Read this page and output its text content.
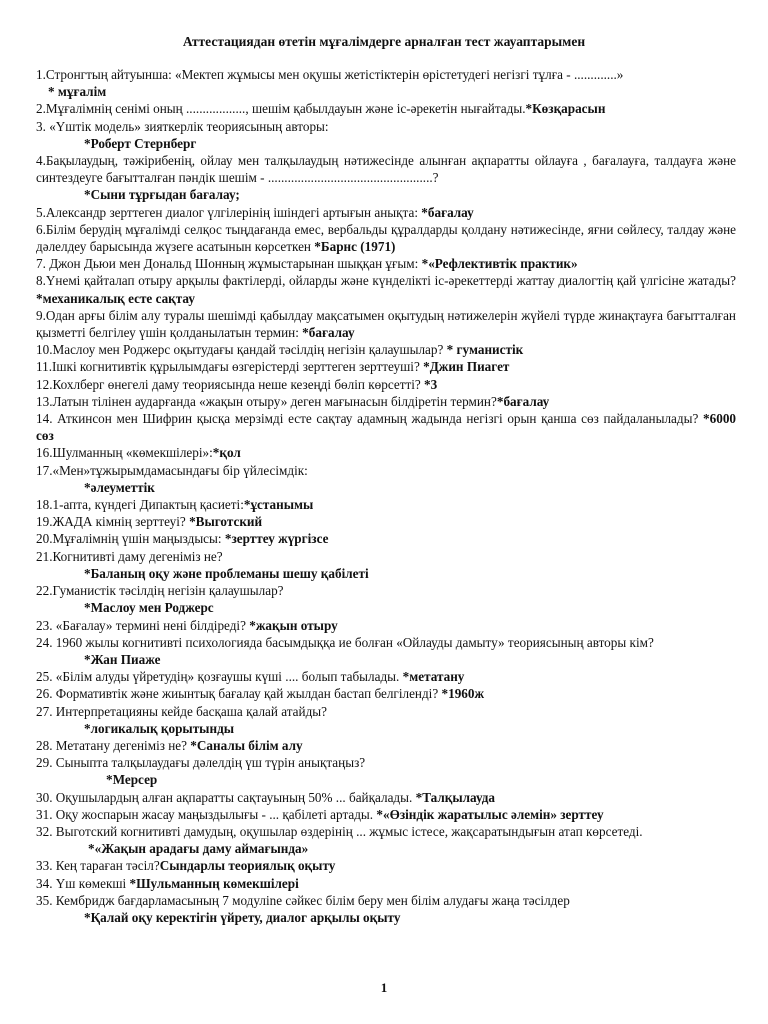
Аттестациядан өтетін мұғалімдерге арналған тест жауаптарымен

1.Стронгтың айтуынша: «Мектеп жұмысы мен оқушы жетістіктерін өрістетудегі негізгі тұлға - .............»

* мұғалім

2.Мұғалімнің сенімі оның .................., шешім қабылдауын және іс-әрекетін нығайтады.*Көзқарасын

3. «Үштік модель» зияткерлік теориясының авторы:

*Роберт Стернберг

4.Бақылаудың, тәжірибенің, ойлау мен талқылаудың нәтижесінде алынған ақпаратты ойлауға , бағалауға, талдауға және синтездеуге бағытталған пәндік шешім - ..................................................?

*Сыни тұрғыдан бағалау;

5.Александр зерттеген диалог үлгілерінің ішіндегі артығын анықта: *бағалау

6.Білім берудің мұғалімді селқос тыңдағанда емес, вербальды құралдарды қолдану нәтижесінде, яғни сөйлесу, талдау және дәлелдеу барысында жүзеге асатынын көрсеткен *Барнс (1971)

7. Джон Дьюи мен Дональд Шонның жұмыстарынан шыққан ұғым: *«Рефлективтік практик»

8.Үнемі қайталап отыру арқылы фактілерді, ойларды және күнделікті іс-әрекеттерді жаттау диалогтің қай үлгісіне жатады? *механикалық есте сақтау

9.Одан арғы білім алу туралы шешімді қабылдау мақсатымен оқытудың нәтижелерін жүйелі түрде жинақтауға бағытталған қызметті белгілеу үшін қолданылатын термин: *бағалау

10.Маслоу мен Роджерс оқытудағы қандай тәсілдің негізін қалаушылар? * гуманистік

11.Ішкі когнитивтік құрылымдағы өзгерістерді зерттеген зерттеуші? *Джин Пиагет

12.Кохлберг өнегелі даму теориясында неше кезеңді бөліп көрсетті? *3

13.Латын тілінен аударғанда «жақын отыру» деген мағынасын білдіретін термин?*бағалау

14. Аткинсон мен Шифрин қысқа мерзімді есте сақтау адамның жадында негізгі орын қанша сөз пайдаланылады? *6000 сөз

16.Шулманның «көмекшілері»:*қол

17.«Мен»тұжырымдамасындағы бір үйлесімдік:

*әлеуметтік

18.1-апта, күндегі Дипактың қасиеті:*ұстанымы

19.ЖАДА кімнің зерттеуі? *Выготский

20.Мұғалімнің үшін маңыздысы: *зерттеу жүргізсе

21.Когнитивті даму дегеніміз не?

*Баланың оқу және проблеманы шешу қабілеті

22.Гуманистік тәсілдің негізін қалаушылар?

*Маслоу мен Роджерс

23. «Бағалау» термині нені білдіреді? *жақын отыру

24. 1960 жылы когнитивті психологияда басымдыққа ие болған «Ойлауды дамыту» теориясының авторы кім?

*Жан Пиаже

25. «Білім алуды үйретудің» қозғаушы күші .... болып табылады. *метатану

26. Формативтік және жиынтық бағалау қай жылдан бастап белгіленді? *1960ж

27. Интерпретацияны кейде басқаша қалай атайды?

*логикалық қорытынды

28. Метатану дегеніміз не? *Саналы білім алу

29. Сыныпта талқылаудағы дәлелдің үш түрін анықтаңыз?

*Мерсер

30. Оқушылардың алған ақпаратты сақтауының 50% ... байқалады. *Талқылауда

31. Оқу жоспарын жасау маңыздылығы - ... қабілеті артады. *«Өзіндік жаратылыс әлемін» зерттеу

32. Выготский когнитивті дамудың, оқушылар өздерінің ... жұмыс істесе, жақсаратындығын атап көрсетеді.

*«Жақын арадағы даму аймағында»

33. Кең тараған тәсіл?Сындарлы теориялық оқыту

34. Үш көмекші *Шульманның көмекшілері

35. Кембридж бағдарламасының 7 модулine сәйкес білім беру мен білім алудағы жаңа тәсілдер

*Қалай оқу керектігін үйрету, диалог арқылы оқыту

1
